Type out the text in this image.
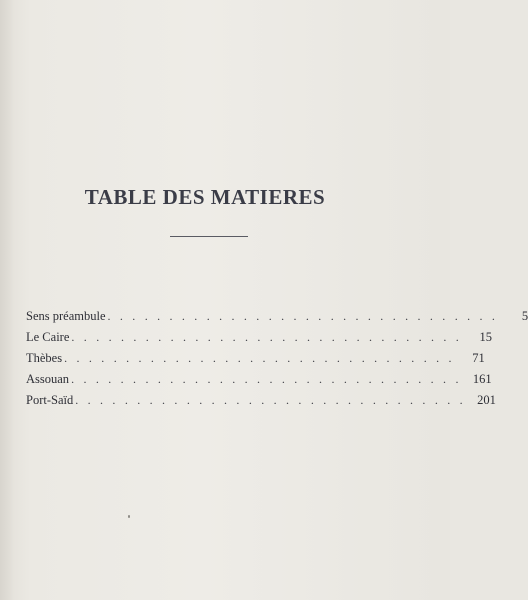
TABLE DES MATIERES
Sens préambule . . . . . . . . . . . . . . . . . . . . . . . . . . . . . . . .	5
Le Caire . . . . . . . . . . . . . . . . . . . . . . . . . . . . . . . .	15
Thèbes . . . . . . . . . . . . . . . . . . . . . . . . . . . . . . . .	71
Assouan . . . . . . . . . . . . . . . . . . . . . . . . . . . . . . . . 161
Port-Saïd . . . . . . . . . . . . . . . . . . . . . . . . . . . . . . . . 201
